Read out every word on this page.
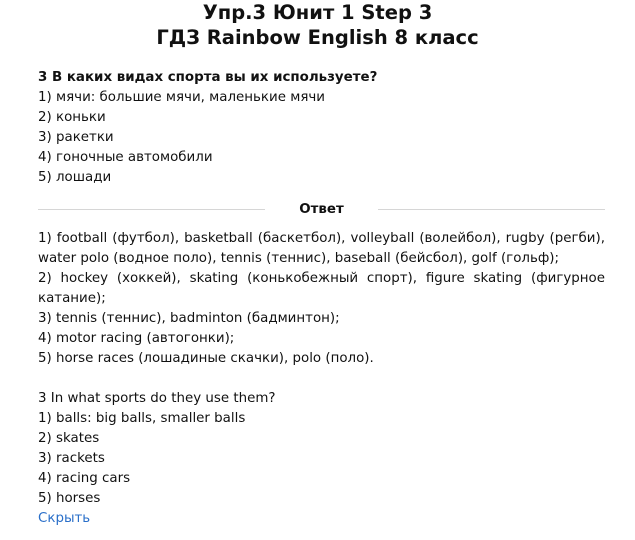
Упр.3 Юнит 1 Step 3
ГДЗ Rainbow English 8 класс
3 В каких видах спорта вы их используете?
1) мячи: большие мячи, маленькие мячи
2) коньки
3) ракетки
4) гоночные автомобили
5) лошади
Ответ
1) football (футбол), basketball (баскетбол), volleyball (волейбол), rugby (регби),
water polo (водное поло), tennis (теннис), baseball (бейсбол), golf (гольф);
2) hockey (хоккей), skating (конькобежный спорт), figure skating (фигурное
катание);
3) tennis (теннис), badminton (бадминтон);
4) motor racing (автогонки);
5) horse races (лошадиные скачки), polo (поло).
3 In what sports do they use them?
1) balls: big balls, smaller balls
2) skates
3) rackets
4) racing cars
5) horses
Скрыть
